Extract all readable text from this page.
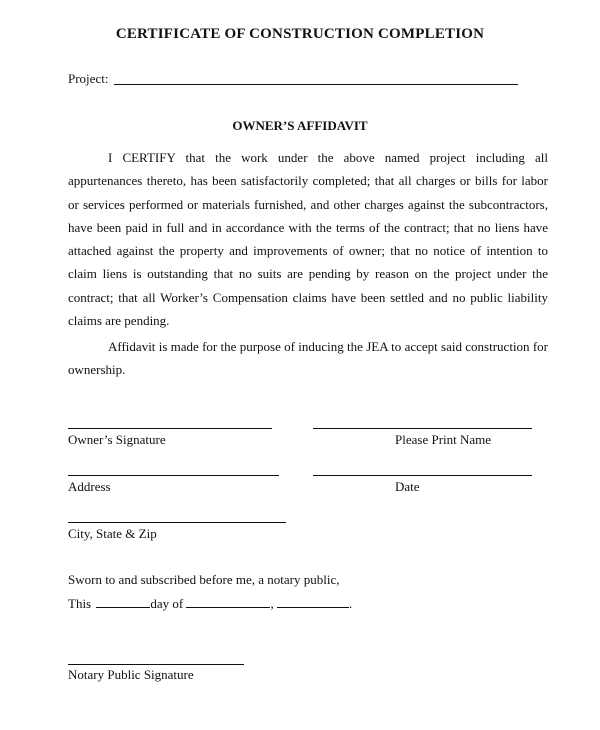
CERTIFICATE OF CONSTRUCTION COMPLETION
Project:
OWNER’S AFFIDAVIT
I CERTIFY that the work under the above named project including all appurtenances thereto, has been satisfactorily completed; that all charges or bills for labor or services performed or materials furnished, and other charges against the subcontractors, have been paid in full and in accordance with the terms of the contract; that no liens have attached against the property and improvements of owner; that no notice of intention to claim liens is outstanding that no suits are pending by reason on the project under the contract; that all Worker’s Compensation claims have been settled and no public liability claims are pending.
Affidavit is made for the purpose of inducing the JEA to accept said construction for ownership.
Owner’s Signature	Please Print Name
Address	Date
City, State & Zip
Sworn to and subscribed before me, a notary public,
This	day of	,	.
Notary Public Signature
